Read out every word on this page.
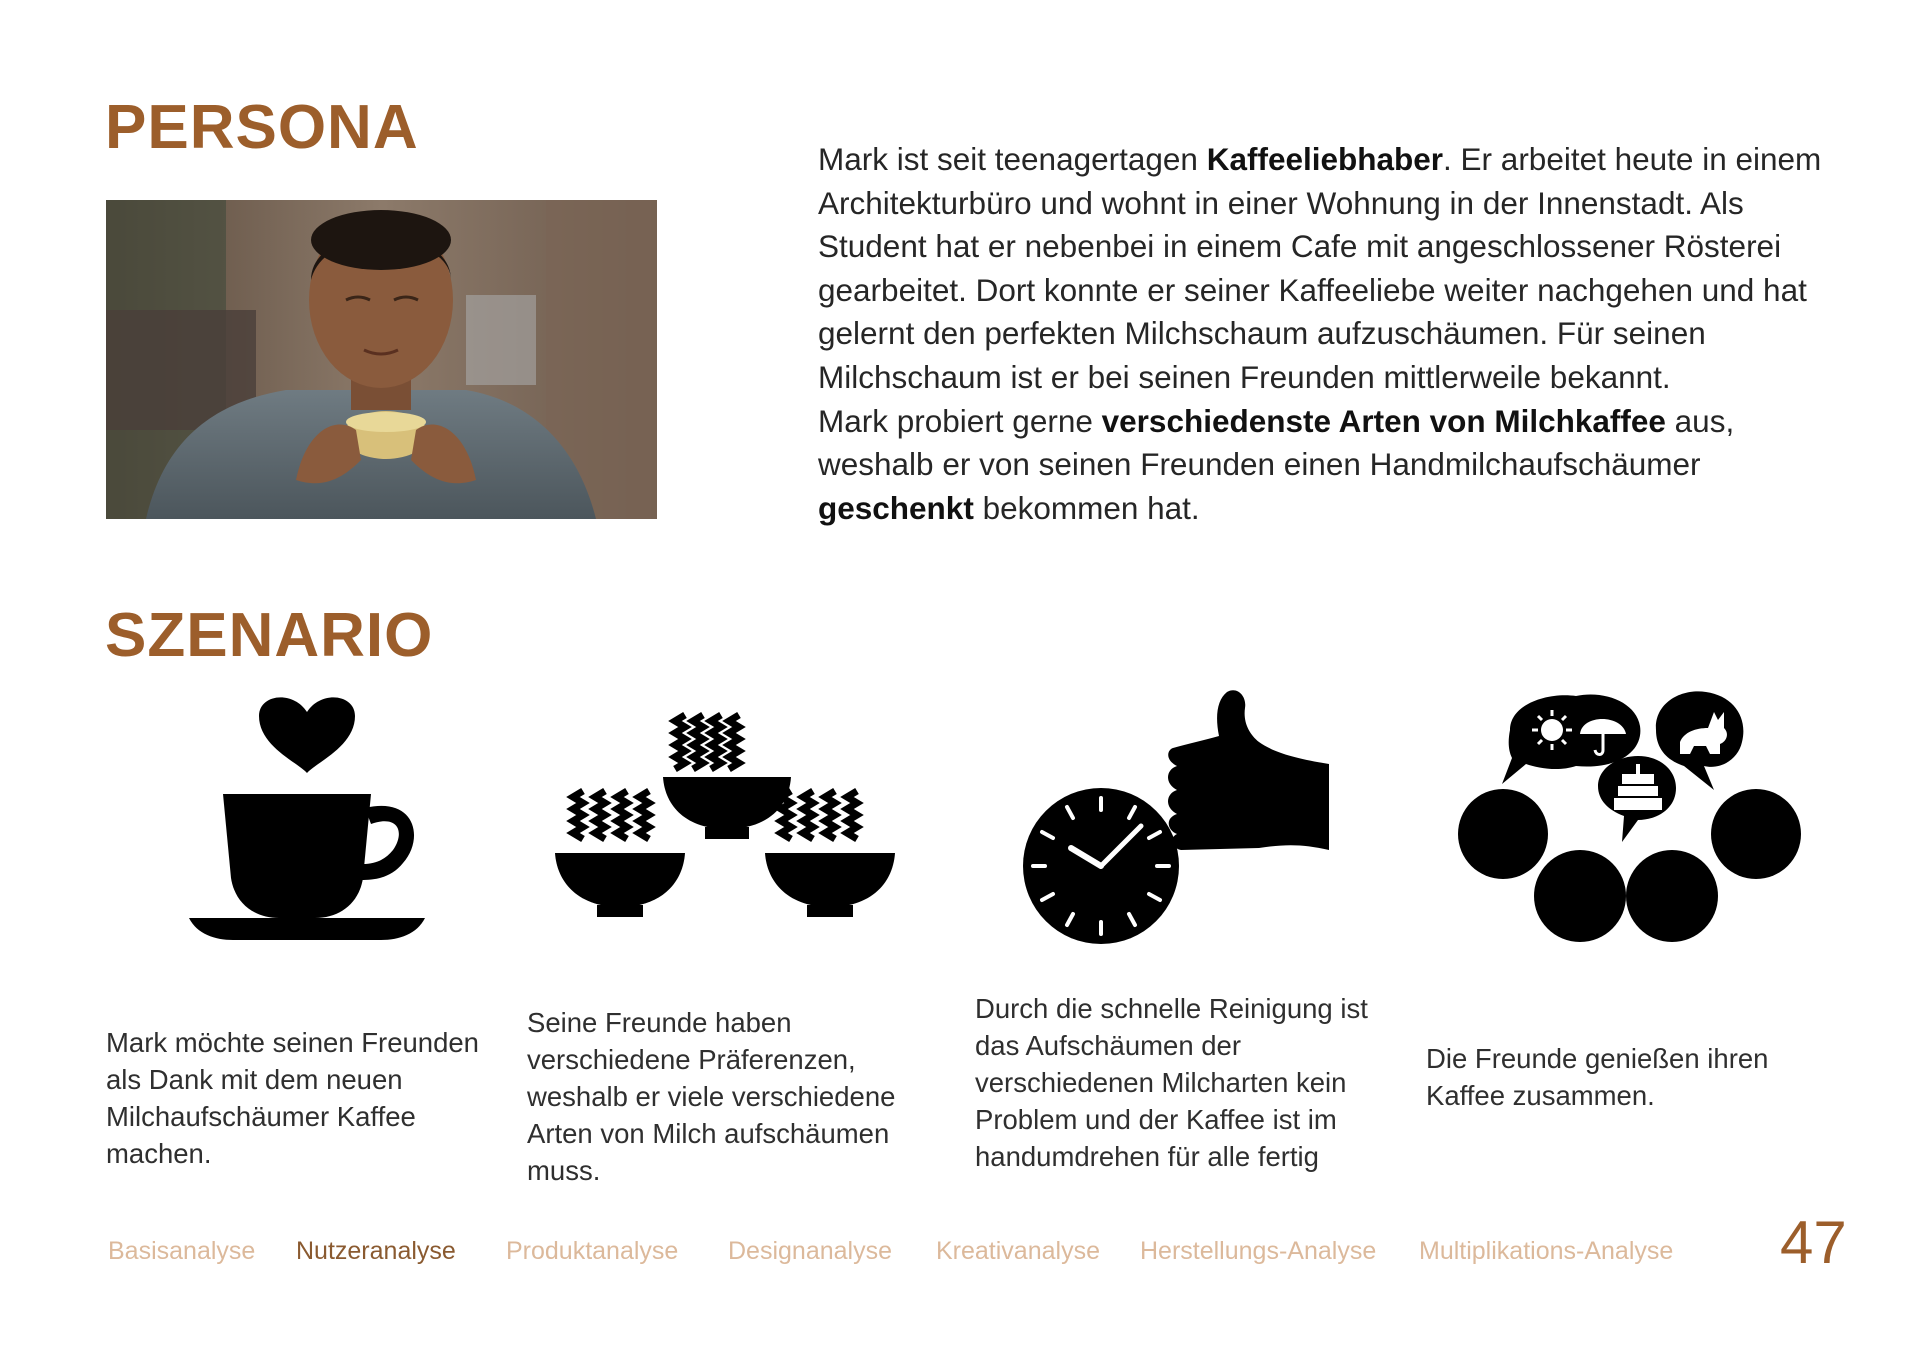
PERSONA	Mark ist seit teenagertagen Kaffeeliebhaber. Er arbeitet heute in einem Architekturbüro und wohnt in einer Wohnung in der Innenstadt. Als Student hat er nebenbei in einem Cafe mit angeschlossener Rösterei gearbeitet. Dort konnte er seiner Kaffeeliebe weiter nachgehen und hat gelernt den perfekten Milchschaum aufzuschäumen. Für seinen Milchschaum ist er bei seinen Freunden mittlerweile bekannt.
Mark probiert gerne verschiedenste Arten von Milchkaffee aus, weshalb er von seinen Freunden einen Handmilchaufschäumer geschenkt bekommen hat.

SZENARIO

Mark möchte seinen Freunden als Dank mit dem neuen Milchaufschäumer Kaffee machen.

Seine Freunde haben verschiedene Präferenzen, weshalb er viele verschiedene Arten von Milch aufschäumen muss.

Durch die schnelle Reinigung ist das Aufschäumen der verschiedenen Milcharten kein Problem und der Kaffee ist im handumdrehen für alle fertig

Die Freunde genießen ihren Kaffee zusammen.

Basisanalyse Nutzeranalyse Produktanalyse Designanalyse Kreativanalyse Herstellungs-Analyse Multiplikations-Analyse 47
